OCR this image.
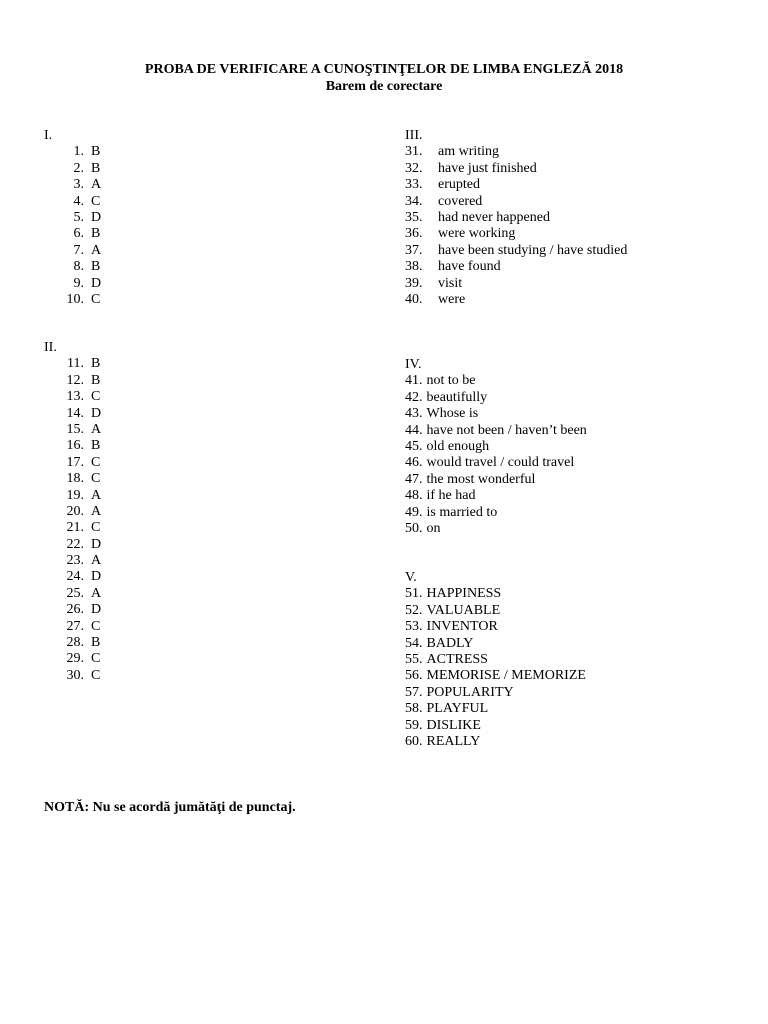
PROBA DE VERIFICARE A CUNOŞTINŢELOR DE LIMBA ENGLEZĂ 2018
Barem de corectare
I.
1. B
2. B
3. A
4. C
5. D
6. B
7. A
8. B
9. D
10. C
II.
11. B
12. B
13. C
14. D
15. A
16. B
17. C
18. C
19. A
20. A
21. C
22. D
23. A
24. D
25. A
26. D
27. C
28. B
29. C
30. C
III.
31.	am writing
32.	have just finished
33.	erupted
34.	covered
35.	had never happened
36.	were working
37.	have been studying / have studied
38.	have found
39.	visit
40.	were
IV.
41. not to be
42. beautifully
43. Whose is
44. have not been / haven’t been
45. old enough
46. would travel / could travel
47. the most wonderful
48. if he had
49. is married to
50. on
V.
51. HAPPINESS
52. VALUABLE
53. INVENTOR
54. BADLY
55. ACTRESS
56. MEMORISE / MEMORIZE
57. POPULARITY
58. PLAYFUL
59. DISLIKE
60. REALLY
NOTĂ: Nu se acordă jumătăţi de punctaj.
